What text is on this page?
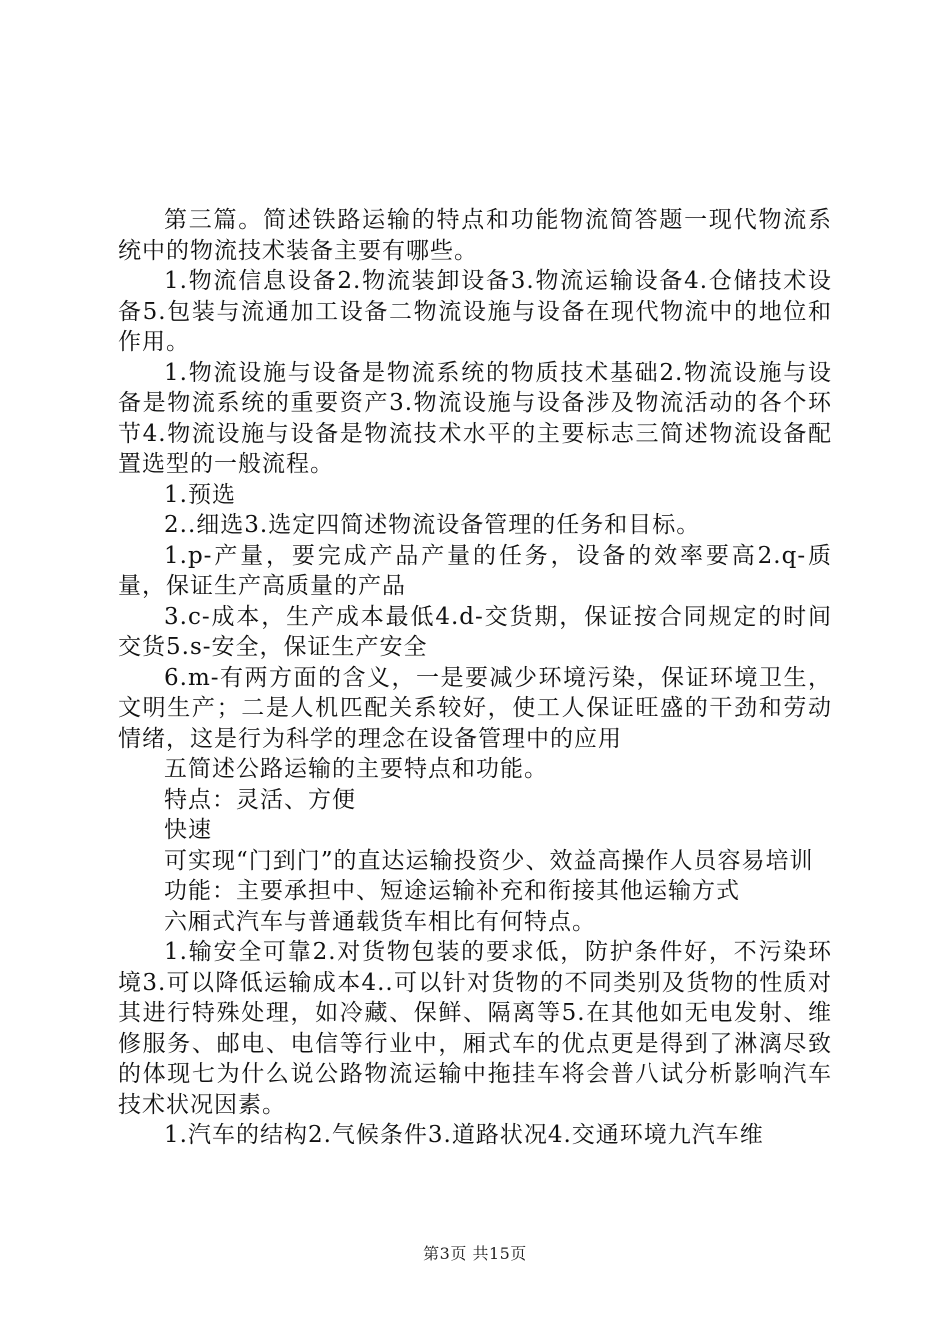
第三篇。简述铁路运输的特点和功能物流简答题一现代物流系统中的物流技术装备主要有哪些。

1.物流信息设备2.物流装卸设备3.物流运输设备4.仓储技术设备5.包装与流通加工设备二物流设施与设备在现代物流中的地位和作用。

1.物流设施与设备是物流系统的物质技术基础2.物流设施与设备是物流系统的重要资产3.物流设施与设备涉及物流活动的各个环节4.物流设施与设备是物流技术水平的主要标志三简述物流设备配置选型的一般流程。

1.预选

2..细选3.选定四简述物流设备管理的任务和目标。

1.p-产量，要完成产品产量的任务，设备的效率要高2.q-质量，保证生产高质量的产品

3.c-成本，生产成本最低4.d-交货期，保证按合同规定的时间交货5.s-安全，保证生产安全

6.m-有两方面的含义，一是要减少环境污染，保证环境卫生，文明生产；二是人机匹配关系较好，使工人保证旺盛的干劲和劳动情绪，这是行为科学的理念在设备管理中的应用

五简述公路运输的主要特点和功能。

特点：灵活、方便

快速

可实现“门到门”的直达运输投资少、效益高操作人员容易培训

功能：主要承担中、短途运输补充和衔接其他运输方式

六厢式汽车与普通载货车相比有何特点。

1.输安全可靠2.对货物包装的要求低，防护条件好，不污染环境3.可以降低运输成本4..可以针对货物的不同类别及货物的性质对其进行特殊处理，如冷藏、保鲜、隔离等5.在其他如无电发射、维修服务、邮电、电信等行业中，厢式车的优点更是得到了淋漓尽致的体现七为什么说公路物流运输中拖挂车将会普八试分析影响汽车技术状况因素。

1.汽车的结构2.气候条件3.道路状况4.交通环境九汽车维

第3页 共15页
